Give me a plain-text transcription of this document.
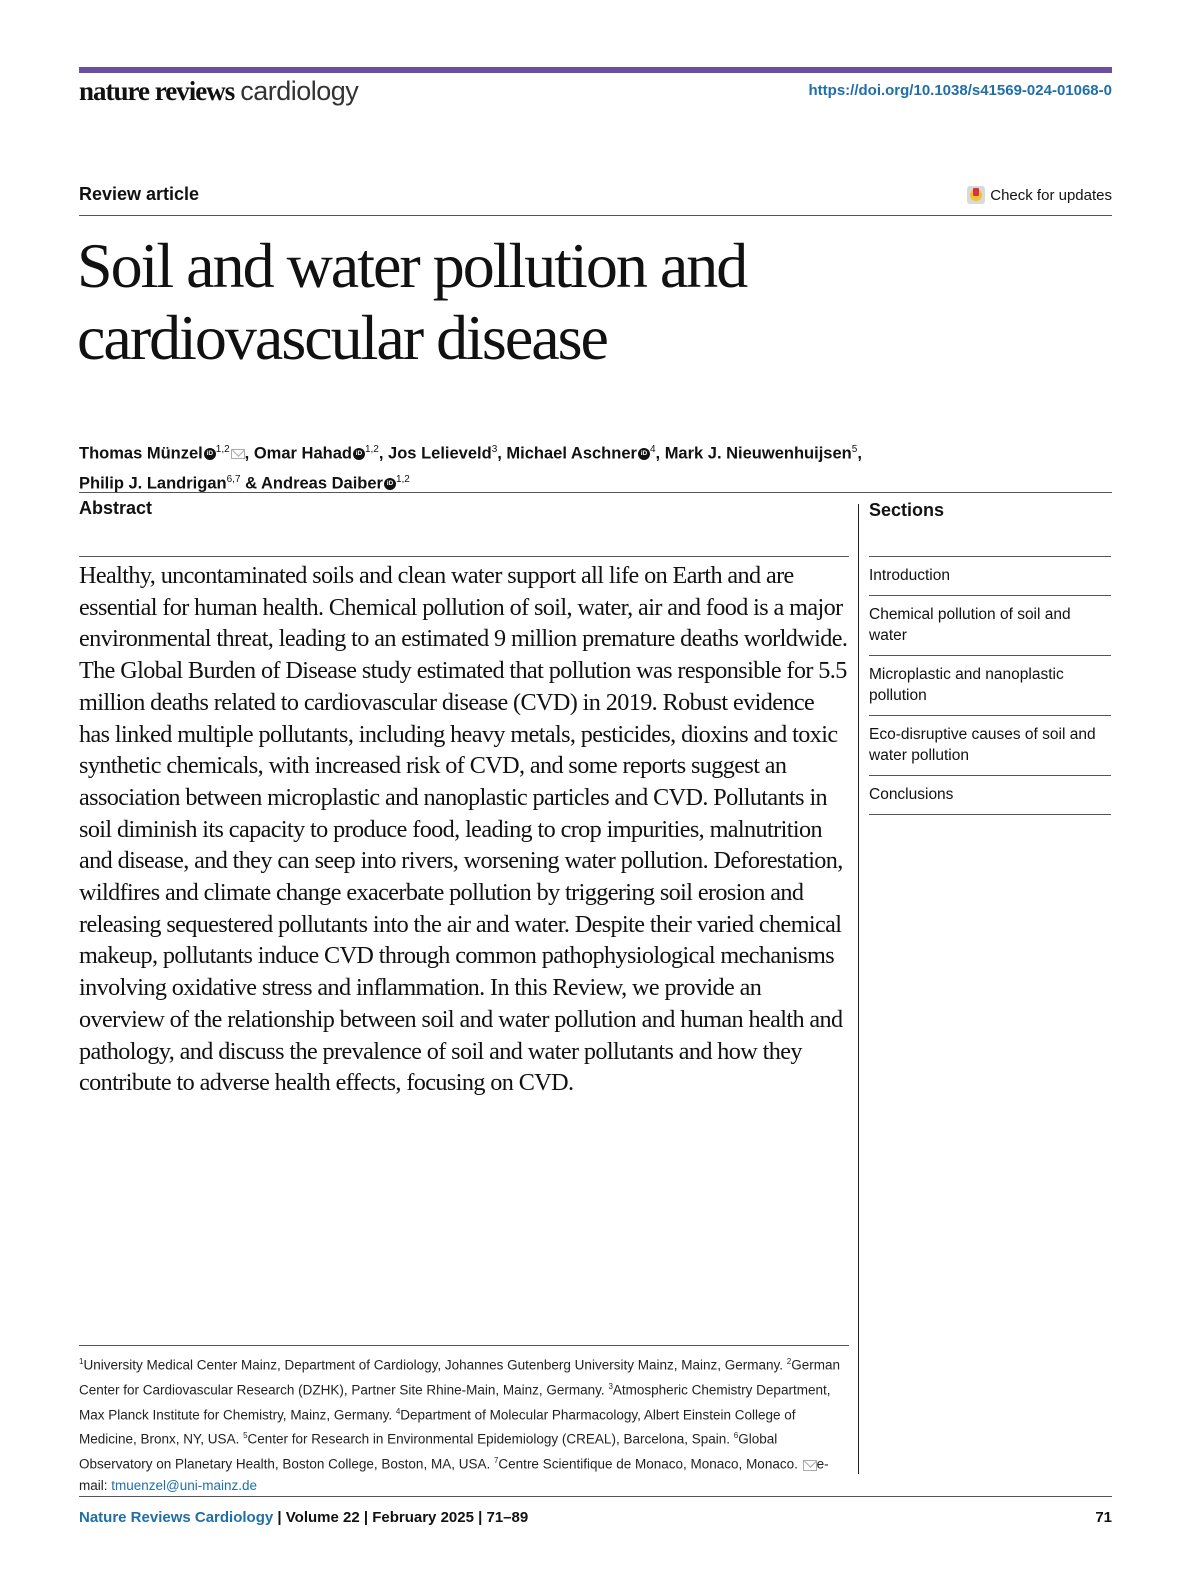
nature reviews cardiology	https://doi.org/10.1038/s41569-024-01068-0
Review article	Check for updates
Soil and water pollution and cardiovascular disease
Thomas Münzel iD $^{1,2}$ , Omar Hahad iD $^{1,2}$, Jos Lelieveld$^3$, Michael Aschner iD $^4$, Mark J. Nieuwenhuijsen$^5$,
Philip J. Landrigan$^{6,7}$ & Andreas Daiber iD $^{1,2}$
Abstract

Healthy, uncontaminated soils and clean water support all life on Earth and are essential for human health. Chemical pollution of soil, water, air and food is a major environmental threat, leading to an estimated 9 million premature deaths worldwide. The Global Burden of Disease study estimated that pollution was responsible for 5.5 million deaths related to cardiovascular disease (CVD) in 2019. Robust evidence has linked multiple pollutants, including heavy metals, pesticides, dioxins and toxic synthetic chemicals, with increased risk of CVD, and some reports suggest an association between microplastic and nanoplastic particles and CVD. Pollutants in soil diminish its capacity to produce food, leading to crop impurities, malnutrition and disease, and they can seep into rivers, worsening water pollution. Deforestation, wildfires and climate change exacerbate pollution by triggering soil erosion and releasing sequestered pollutants into the air and water. Despite their varied chemical makeup, pollutants induce CVD through common pathophysiological mechanisms involving oxidative stress and inflammation. In this Review, we provide an overview of the relationship between soil and water pollution and human health and pathology, and discuss the prevalence of soil and water pollutants and how they contribute to adverse health effects, focusing on CVD.

Sections
Introduction
Chemical pollution of soil and water
Microplastic and nanoplastic pollution
Eco-disruptive causes of soil and water pollution
Conclusions

$^1$University Medical Center Mainz, Department of Cardiology, Johannes Gutenberg University Mainz, Mainz, Germany. $^2$German Center for Cardiovascular Research (DZHK), Partner Site Rhine-Main, Mainz, Germany. $^3$Atmospheric Chemistry Department, Max Planck Institute for Chemistry, Mainz, Germany. $^4$Department of Molecular Pharmacology, Albert Einstein College of Medicine, Bronx, NY, USA. $^5$Center for Research in Environmental Epidemiology (CREAL), Barcelona, Spain. $^6$Global Observatory on Planetary Health, Boston College, Boston, MA, USA. $^7$Centre Scientifique de Monaco, Monaco, Monaco. e-mail: tmuenzel@uni-mainz.de

Nature Reviews Cardiology | Volume 22 | February 2025 | 71–89	71
